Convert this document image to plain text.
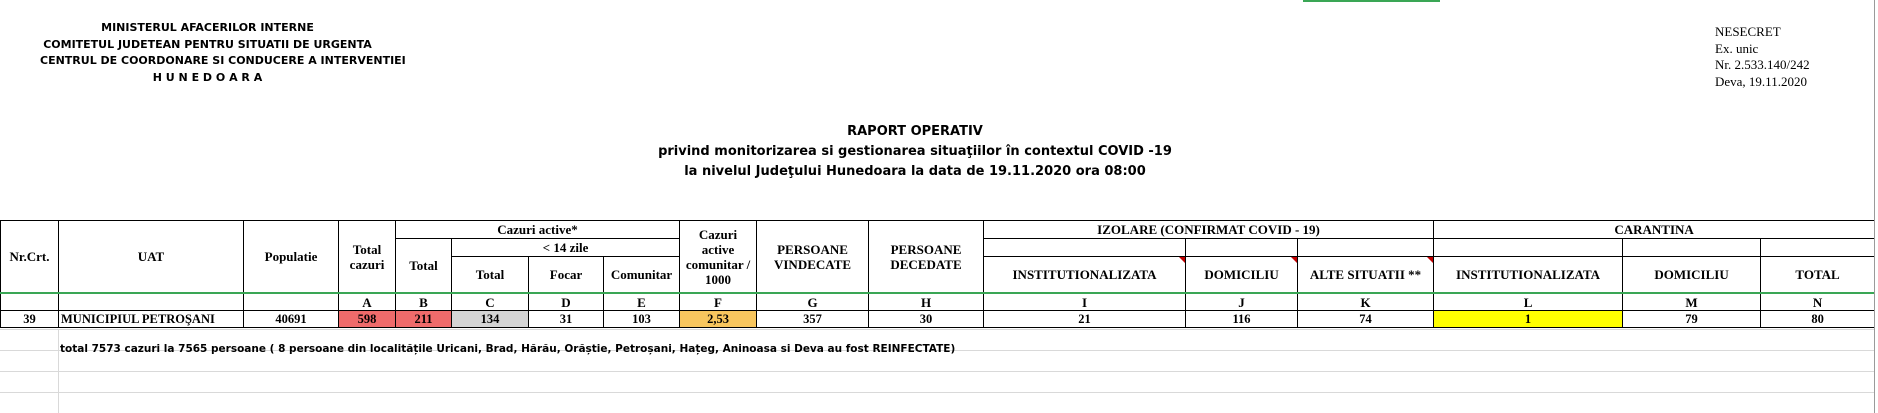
MINISTERUL AFACERILOR INTERNE
COMITETUL JUDETEAN PENTRU SITUATII DE URGENTA
CENTRUL DE COORDONARE SI CONDUCERE A INTERVENTIEI
H U N E D O A R A
NESECRET
Ex. unic
Nr. 2.533.140/242
Deva, 19.11.2020
RAPORT OPERATIV
privind monitorizarea si gestionarea situaţiilor în contextul COVID -19
la nivelul Judeţului Hunedoara la data de 19.11.2020 ora 08:00
Nr.Crt.	UAT	Populatie	Total cazuri	Cazuri active*				Cazuri active comunitar / 1000	PERSOANE VINDECATE	PERSOANE DECEDATE	IZOLARE (CONFIRMAT COVID - 19)			CARANTINA		
				Total	< 14 zile											
					Total	Focar	Comunitar				INSTITUTIONALIZATA	DOMICILIU	ALTE SITUATII **	INSTITUTIONALIZATA	DOMICILIU	TOTAL
			A	B	C	D	E	F	G	H	I	J	K	L	M	N
39	MUNICIPIUL PETROŞANI	40691	598	211	134	31	103	2,53	357	30	21	116	74	1	79	80
total 7573 cazuri la 7565 persoane ( 8 persoane din localitățile Uricani, Brad, Hărău, Orăștie, Petroșani, Hațeg, Aninoasa si Deva au fost REINFECTATE)
